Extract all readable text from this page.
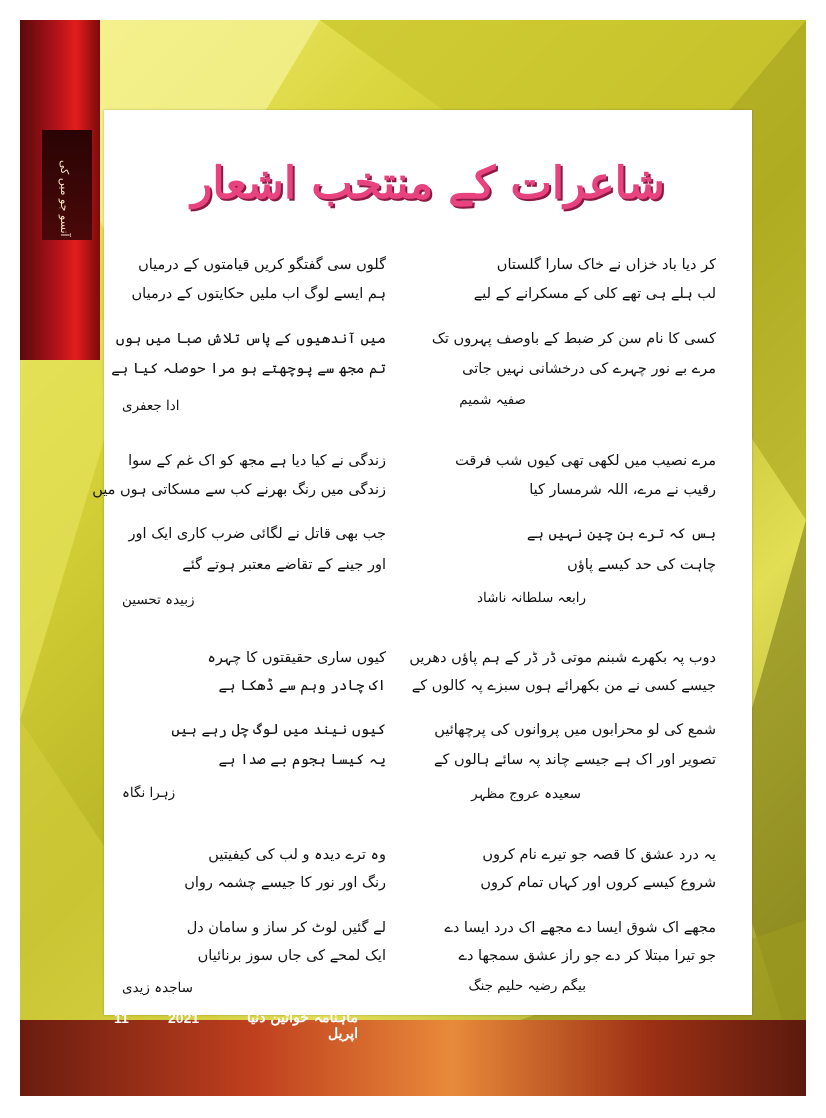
آنسو جو میں کی	شاعرات کے منتخب اشعار
کر دیا باد خزاں نے خاک سارا گلستاں
لب ہلے ہی تھے کلی کے مسکرانے کے لیے
کسی کا نام سن کر ضبط کے باوصف پہروں تک
مرے بے نور چہرے کی درخشانی نہیں جاتی
صفیہ شمیم
مرے نصیب میں لکھی تھی کیوں شب فرقت
رقیب نے مرے، اللہ شرمسار کیا
بس کہ ترے بن چین نہیں ہے
چاہت کی حد کیسے پاؤں
رابعہ سلطانہ ناشاد
دوب پہ بکھرے شبنم موتی ڈر ڈر کے ہم پاؤں دھریں
جیسے کسی نے من بکھرائے ہوں سبزے پہ کالوں کے
شمع کی لو محرابوں میں پروانوں کی پرچھائیں
تصویر اور اک ہے جیسے چاند پہ سائے ہالوں کے
سعیدہ عروج مظہر
یہ درد عشق کا قصہ جو تیرے نام کروں
شروع کیسے کروں اور کہاں تمام کروں
مجھے اک شوق ایسا دے مجھے اک درد ایسا دے
جو تیرا مبتلا کر دے جو راز عشق سمجھا دے
بیگم رضیہ حلیم جنگ
گلوں سی گفتگو کریں قیامتوں کے درمیاں
ہم ایسے لوگ اب ملیں حکایتوں کے درمیاں
میں آندھیوں کے پاس تلاش صبا میں ہوں
تم مجھ سے پوچھتے ہو مرا حوصلہ کیا ہے
ادا جعفری
زندگی نے کیا دیا ہے مجھ کو اک غم کے سوا
زندگی میں رنگ بھرنے کب سے مسکاتی ہوں میں
جب بھی قاتل نے لگائی ضرب کاری ایک اور
اور جینے کے تقاضے معتبر ہوتے گئے
زبیدہ تحسین
کیوں ساری حقیقتوں کا چہرہ
اک چادر وہم سے ڈھکا ہے
کیوں نیند میں لوگ چل رہے ہیں
یہ کیسا ہجوم بے صدا ہے
زہرا نگاہ
وہ ترے دیدہ و لب کی کیفیتیں
رنگ اور نور کا جیسے چشمہ رواں
لے گئیں لوٹ کر ساز و سامان دل
ایک لمحے کی جاں سوز برنائیاں
ساجدہ زیدی
11	2021	ماہنامہ خواتین دنیا اپریل
